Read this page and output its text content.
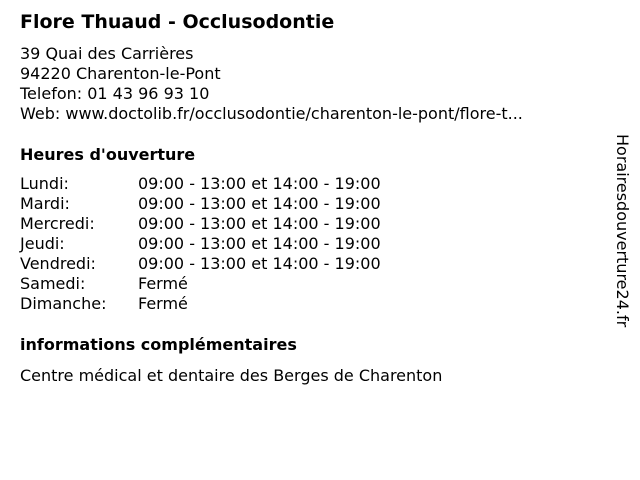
Flore Thuaud - Occlusodontie
39 Quai des Carrières
94220 Charenton-le-Pont
Telefon: 01 43 96 93 10
Web: www.doctolib.fr/occlusodontie/charenton-le-pont/flore-t...
Heures d'ouverture
Lundi:	09:00 - 13:00 et 14:00 - 19:00
Mardi:	09:00 - 13:00 et 14:00 - 19:00
Mercredi:	09:00 - 13:00 et 14:00 - 19:00
Jeudi:	09:00 - 13:00 et 14:00 - 19:00
Vendredi:	09:00 - 13:00 et 14:00 - 19:00
Samedi:	Fermé
Dimanche:	Fermé
informations complémentaires
Centre médical et dentaire des Berges de Charenton
Horairesdouverture24.fr
